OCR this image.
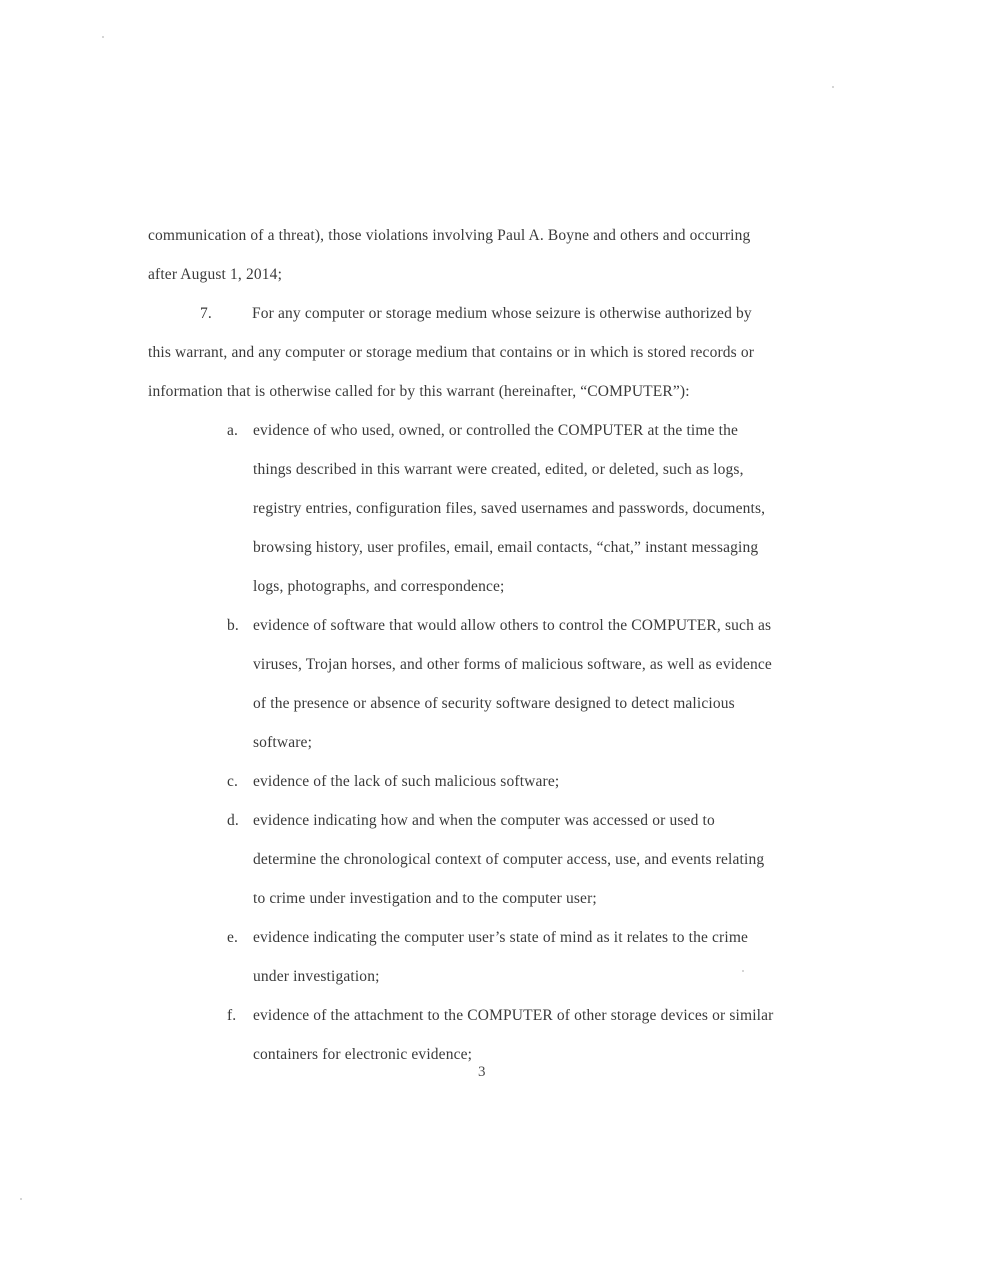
communication of a threat), those violations involving Paul A. Boyne and others and occurring
after August 1, 2014;
7.	For any computer or storage medium whose seizure is otherwise authorized by
this warrant, and any computer or storage medium that contains or in which is stored records or
information that is otherwise called for by this warrant (hereinafter, “COMPUTER”):
a. evidence of who used, owned, or controlled the COMPUTER at the time the
things described in this warrant were created, edited, or deleted, such as logs,
registry entries, configuration files, saved usernames and passwords, documents,
browsing history, user profiles, email, email contacts, “chat,” instant messaging
logs, photographs, and correspondence;
b. evidence of software that would allow others to control the COMPUTER, such as
viruses, Trojan horses, and other forms of malicious software, as well as evidence
of the presence or absence of security software designed to detect malicious
software;
c. evidence of the lack of such malicious software;
d. evidence indicating how and when the computer was accessed or used to
determine the chronological context of computer access, use, and events relating
to crime under investigation and to the computer user;
e. evidence indicating the computer user’s state of mind as it relates to the crime
under investigation;
f.	evidence of the attachment to the COMPUTER of other storage devices or similar
containers for electronic evidence;
3
